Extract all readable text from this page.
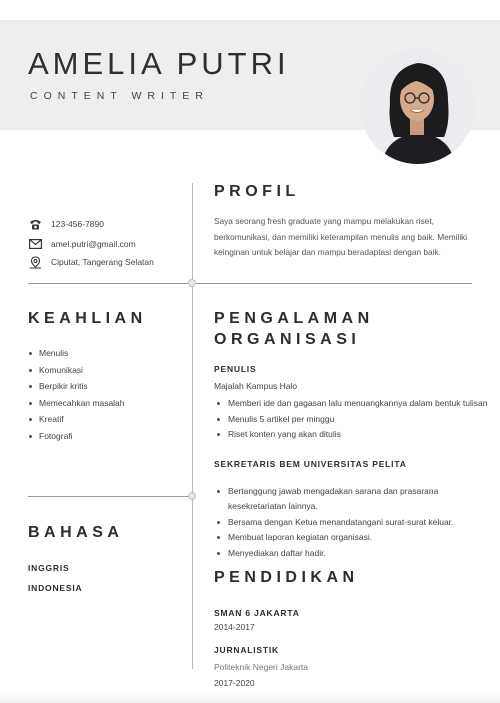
AMELIA PUTRI
CONTENT WRITER
123-456-7890
amel.putri@gmail.com
Ciputat, Tangerang Selatan
PROFIL
Saya seorang fresh graduate yang mampu melakukan riset, berkomunikasi, dan memiliki keterampilan menulis ang baik. Memiliki keinginan untuk belajar dan mampu beradaptasi dengan baik.
KEAHLIAN
Menulis
Komunikasi
Berpikir kritis
Memecahkan masalah
Kreatif
Fotografi
PENGALAMAN
ORGANISASI
PENULIS
Majalah Kampus Halo
Memberi ide dan gagasan lalu menuangkannya dalam bentuk tulisan
Menulis 5 artikel per minggu
Riset konten yang akan ditulis
SEKRETARIS BEM UNIVERSITAS PELITA
Bertanggung jawab mengadakan sarana dan prasarana kesekretariatan lainnya.
Bersama dengan Ketua menandatangani surat-surat keluar.
Membuat laporan kegiatan organisasi.
Menyediakan daftar hadir.
BAHASA
INGGRIS
INDONESIA
PENDIDIKAN
SMAN 6 JAKARTA
2014-2017
JURNALISTIK
Politeknik Negeri Jakarta
2017-2020
